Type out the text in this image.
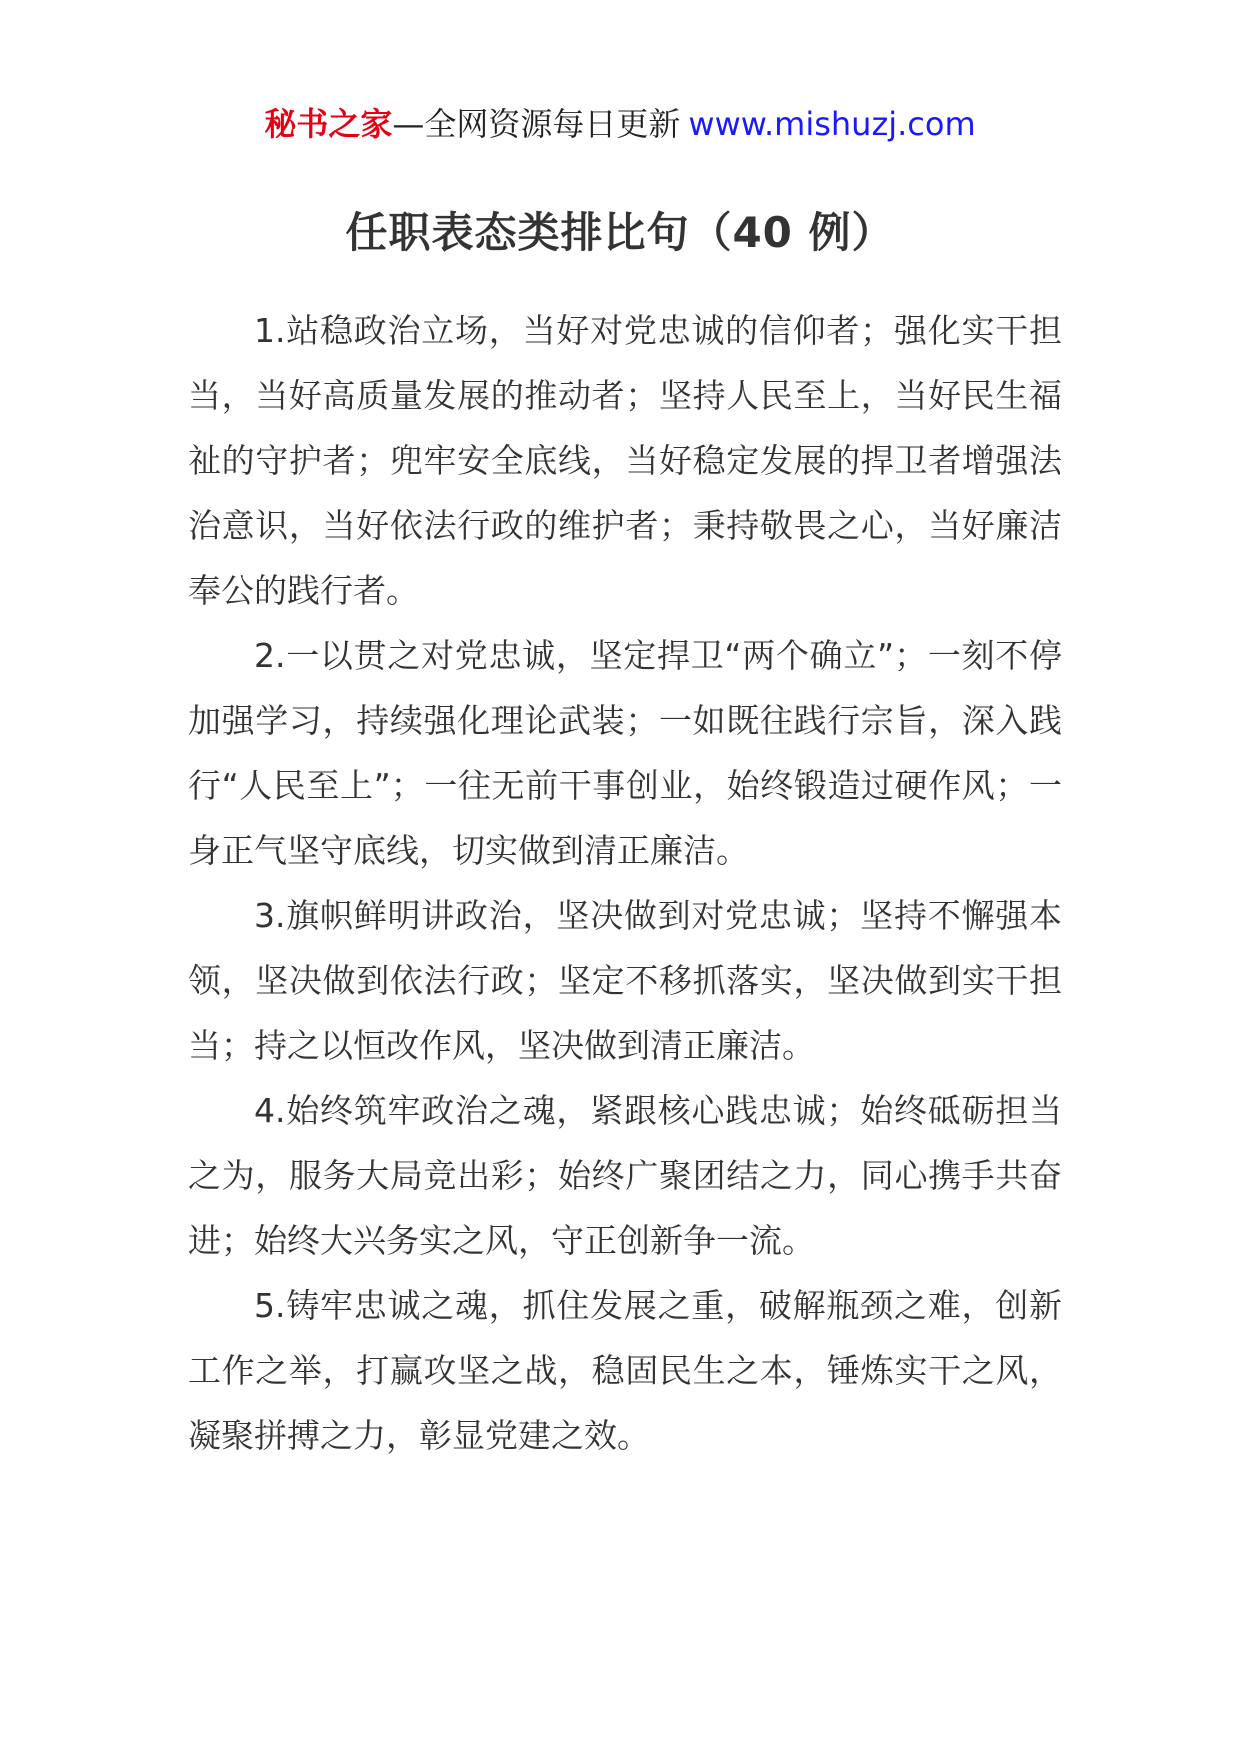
秘书之家—全网资源每日更新 www.mishuzj.com
任职表态类排比句（40 例）

1.站稳政治立场，当好对党忠诚的信仰者；强化实干担当，当好高质量发展的推动者；坚持人民至上，当好民生福祉的守护者；兜牢安全底线，当好稳定发展的捍卫者增强法治意识，当好依法行政的维护者；秉持敬畏之心，当好廉洁奉公的践行者。

2.一以贯之对党忠诚，坚定捍卫“两个确立”；一刻不停加强学习，持续强化理论武装；一如既往践行宗旨，深入践行“人民至上”；一往无前干事创业，始终锻造过硬作风；一身正气坚守底线，切实做到清正廉洁。

3.旗帜鲜明讲政治，坚决做到对党忠诚；坚持不懈强本领，坚决做到依法行政；坚定不移抓落实，坚决做到实干担当；持之以恒改作风，坚决做到清正廉洁。

4.始终筑牢政治之魂，紧跟核心践忠诚；始终砥砺担当之为，服务大局竞出彩；始终广聚团结之力，同心携手共奋进；始终大兴务实之风，守正创新争一流。

5.铸牢忠诚之魂，抓住发展之重，破解瓶颈之难，创新工作之举，打赢攻坚之战，稳固民生之本，锤炼实干之风，凝聚拼搏之力，彰显党建之效。
